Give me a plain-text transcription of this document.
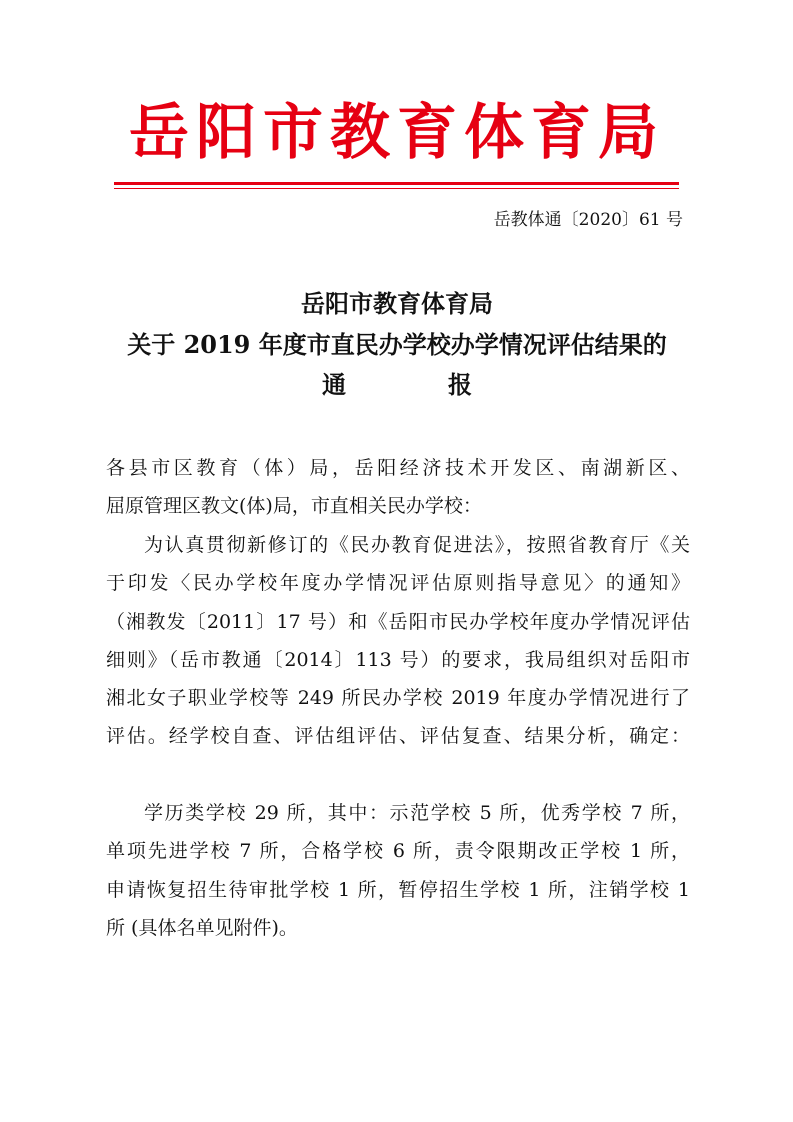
岳阳市教育体育局
岳教体通〔2020〕61 号
岳阳市教育体育局
关于 2019 年度市直民办学校办学情况评估结果的
通 报
各县市区教育（体）局，岳阳经济技术开发区、南湖新区、
屈原管理区教文(体)局，市直相关民办学校：
为认真贯彻新修订的《民办教育促进法》，按照省教育厅《关
于印发〈民办学校年度办学情况评估原则指导意见〉的通知》
（湘教发〔2011〕17 号）和《岳阳市民办学校年度办学情况评估
细则》（岳市教通〔2014〕113 号）的要求，我局组织对岳阳市
湘北女子职业学校等 249 所民办学校 2019 年度办学情况进行了
评估。经学校自查、评估组评估、评估复查、结果分析，确定：
学历类学校 29 所，其中：示范学校 5 所，优秀学校 7 所，
单项先进学校 7 所，合格学校 6 所，责令限期改正学校 1 所，
申请恢复招生待审批学校 1 所，暂停招生学校 1 所，注销学校 1
所 (具体名单见附件)。
